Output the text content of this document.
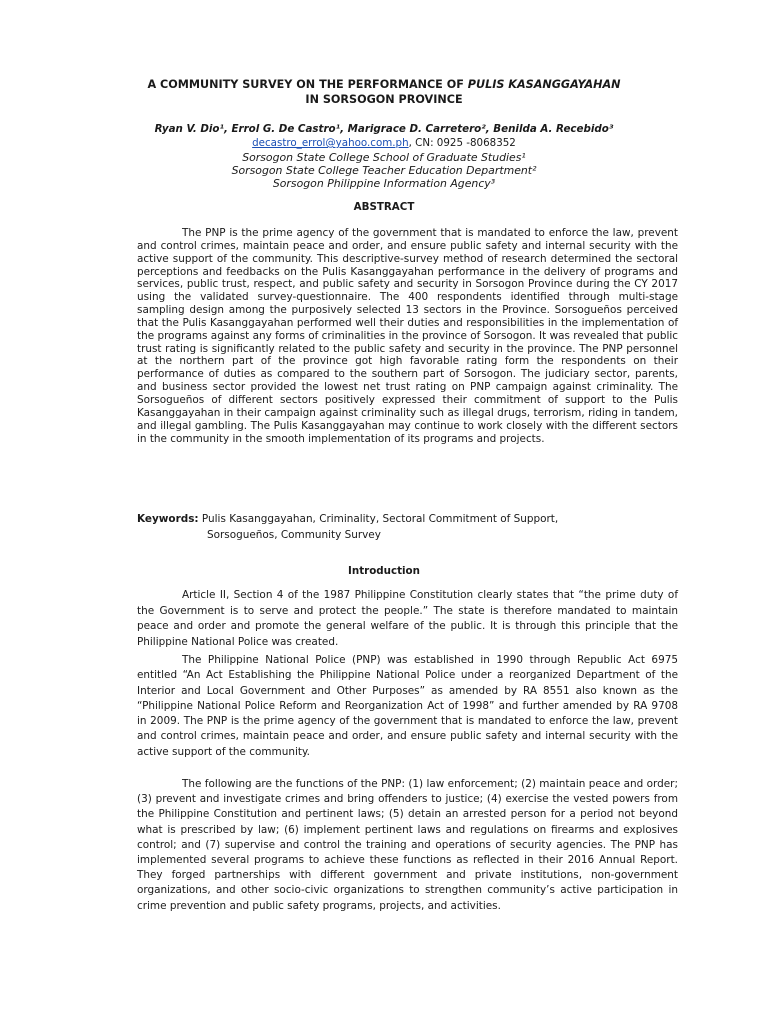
A COMMUNITY SURVEY ON THE PERFORMANCE OF PULIS KASANGGAYAHAN
IN SORSOGON PROVINCE
Ryan V. Dio¹, Errol G. De Castro¹, Marigrace D. Carretero², Benilda A. Recebido³
decastro_errol@yahoo.com.ph, CN: 0925 -8068352
Sorsogon State College School of Graduate Studies¹
Sorsogon State College Teacher Education Department²
Sorsogon Philippine Information Agency³
ABSTRACT

The PNP is the prime agency of the government that is mandated to enforce the law, prevent and control crimes, maintain peace and order, and ensure public safety and internal security with the active support of the community. This descriptive-survey method of research determined the sectoral perceptions and feedbacks on the Pulis Kasanggayahan performance in the delivery of programs and services, public trust, respect, and public safety and security in Sorsogon Province during the CY 2017 using the validated survey-questionnaire. The 400 respondents identified through multi-stage sampling design among the purposively selected 13 sectors in the Province. Sorsogueños perceived that the Pulis Kasanggayahan performed well their duties and responsibilities in the implementation of the programs against any forms of criminalities in the province of Sorsogon. It was revealed that public trust rating is significantly related to the public safety and security in the province. The PNP personnel at the northern part of the province got high favorable rating form the respondents on their performance of duties as compared to the southern part of Sorsogon. The judiciary sector, parents, and business sector provided the lowest net trust rating on PNP campaign against criminality. The Sorsogueños of different sectors positively expressed their commitment of support to the Pulis Kasanggayahan in their campaign against criminality such as illegal drugs, terrorism, riding in tandem, and illegal gambling. The Pulis Kasanggayahan may continue to work closely with the different sectors in the community in the smooth implementation of its programs and projects.

Keywords: Pulis Kasanggayahan, Criminality, Sectoral Commitment of Support,
Sorsogueños, Community Survey
Introduction

Article II, Section 4 of the 1987 Philippine Constitution clearly states that “the prime duty of the Government is to serve and protect the people.” The state is therefore mandated to maintain peace and order and promote the general welfare of the public. It is through this principle that the Philippine National Police was created.

The Philippine National Police (PNP) was established in 1990 through Republic Act 6975 entitled “An Act Establishing the Philippine National Police under a reorganized Department of the Interior and Local Government and Other Purposes” as amended by RA 8551 also known as the “Philippine National Police Reform and Reorganization Act of 1998” and further amended by RA 9708 in 2009. The PNP is the prime agency of the government that is mandated to enforce the law, prevent and control crimes, maintain peace and order, and ensure public safety and internal security with the active support of the community.

The following are the functions of the PNP: (1) law enforcement; (2) maintain peace and order; (3) prevent and investigate crimes and bring offenders to justice; (4) exercise the vested powers from the Philippine Constitution and pertinent laws; (5) detain an arrested person for a period not beyond what is prescribed by law; (6) implement pertinent laws and regulations on firearms and explosives control; and (7) supervise and control the training and operations of security agencies. The PNP has implemented several programs to achieve these functions as reflected in their 2016 Annual Report. They forged partnerships with different government and private institutions, non-government organizations, and other socio-civic organizations to strengthen community’s active participation in crime prevention and public safety programs, projects, and activities.
